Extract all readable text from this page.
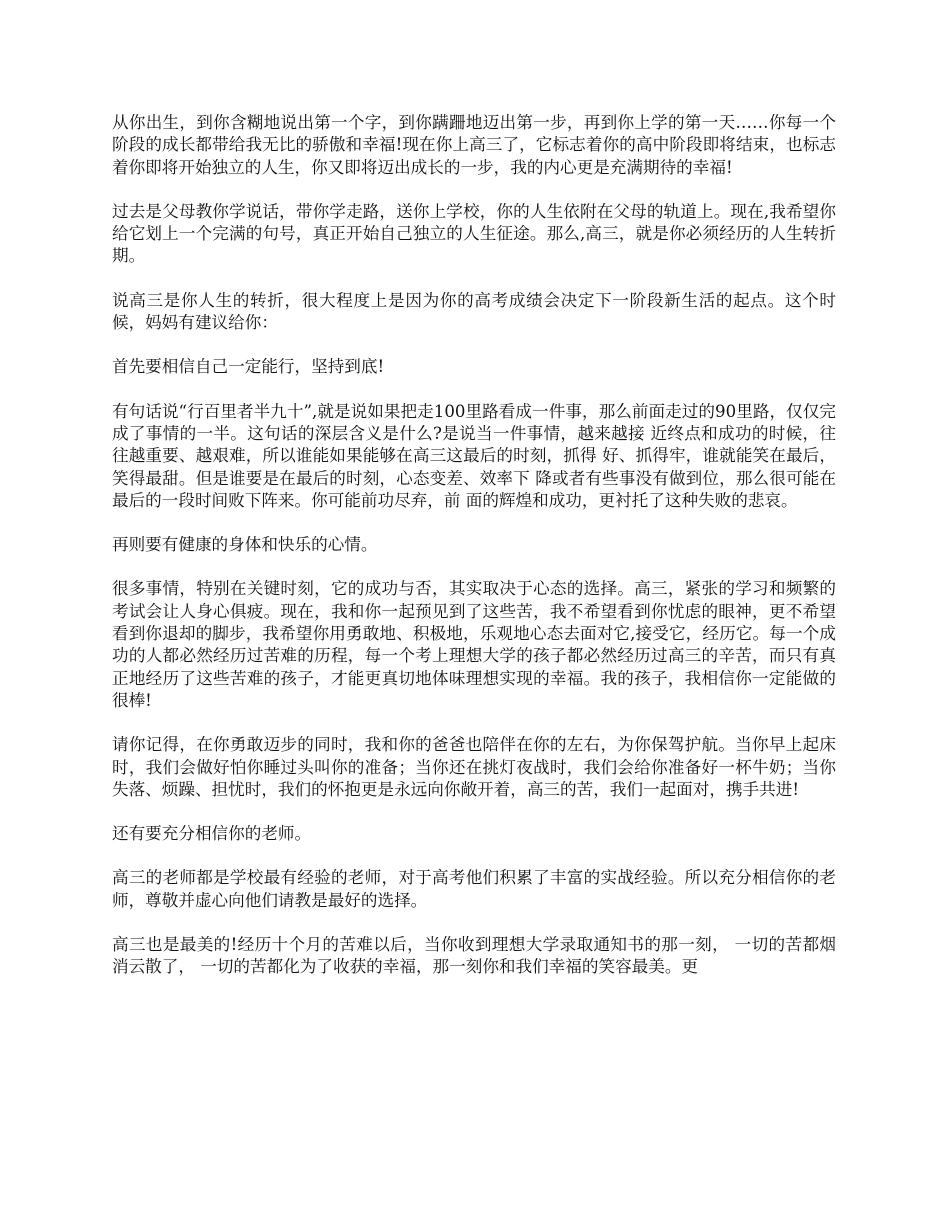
从你出生，到你含糊地说出第一个字，到你蹒跚地迈出第一步，再到你上学的第一天……你每一个阶段的成长都带给我无比的骄傲和幸福!现在你上高三了，它标志着你的高中阶段即将结束，也标志着你即将开始独立的人生，你又即将迈出成长的一步，我的内心更是充满期待的幸福!

过去是父母教你学说话，带你学走路，送你上学校，你的人生依附在父母的轨道上。现在,我希望你给它划上一个完满的句号，真正开始自己独立的人生征途。那么,高三，就是你必须经历的人生转折期。

说高三是你人生的转折，很大程度上是因为你的高考成绩会决定下一阶段新生活的起点。这个时候，妈妈有建议给你：

首先要相信自己一定能行，坚持到底!

有句话说“行百里者半九十”,就是说如果把走100里路看成一件事，那么前面走过的90里路，仅仅完成了事情的一半。这句话的深层含义是什么?是说当一件事情，越来越接 近终点和成功的时候，往往越重要、越艰难，所以谁能如果能够在高三这最后的时刻，抓得 好、抓得牢，谁就能笑在最后，笑得最甜。但是谁要是在最后的时刻，心态变差、效率下 降或者有些事没有做到位，那么很可能在最后的一段时间败下阵来。你可能前功尽弃，前 面的辉煌和成功，更衬托了这种失败的悲哀。

再则要有健康的身体和快乐的心情。

很多事情，特别在关键时刻，它的成功与否，其实取决于心态的选择。高三，紧张的学习和频繁的考试会让人身心俱疲。现在，我和你一起预见到了这些苦，我不希望看到你忧虑的眼神，更不希望看到你退却的脚步，我希望你用勇敢地、积极地，乐观地心态去面对它,接受它，经历它。每一个成功的人都必然经历过苦难的历程，每一个考上理想大学的孩子都必然经历过高三的辛苦，而只有真正地经历了这些苦难的孩子，才能更真切地体味理想实现的幸福。我的孩子，我相信你一定能做的很棒!

请你记得，在你勇敢迈步的同时，我和你的爸爸也陪伴在你的左右，为你保驾护航。当你早上起床时，我们会做好怕你睡过头叫你的准备；当你还在挑灯夜战时，我们会给你准备好一杯牛奶；当你失落、烦躁、担忧时，我们的怀抱更是永远向你敞开着，高三的苦，我们一起面对，携手共进!

还有要充分相信你的老师。

高三的老师都是学校最有经验的老师，对于高考他们积累了丰富的实战经验。所以充分相信你的老师，尊敬并虚心向他们请教是最好的选择。

高三也是最美的!经历十个月的苦难以后，当你收到理想大学录取通知书的那一刻， 一切的苦都烟消云散了， 一切的苦都化为了收获的幸福，那一刻你和我们幸福的笑容最美。更
